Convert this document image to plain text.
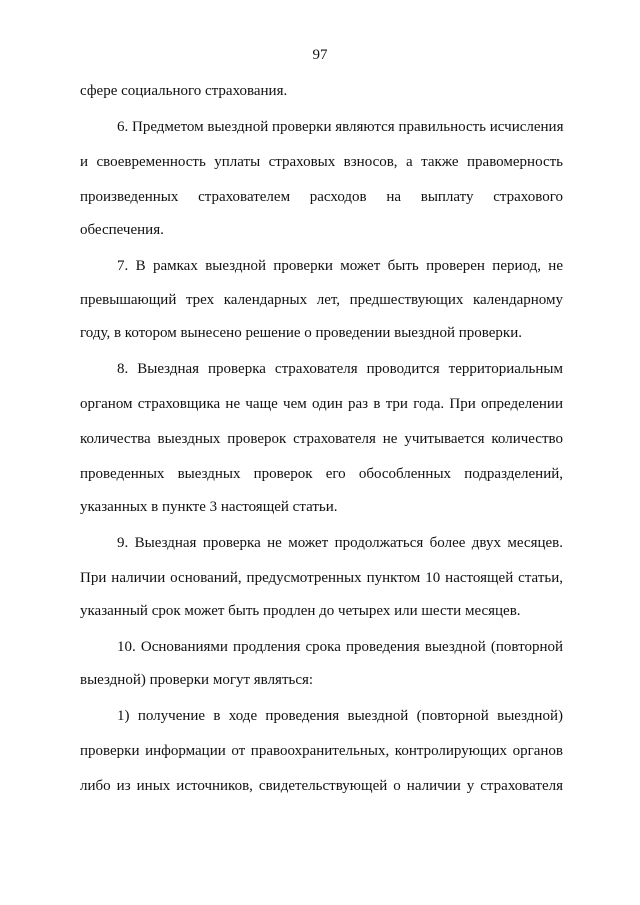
97
сфере социального страхования.
6. Предметом выездной проверки являются правильность исчисления
и своевременность уплаты страховых взносов, а также правомерность
произведенных страхователем расходов на выплату страхового
обеспечения.
7. В рамках выездной проверки может быть проверен период, не
превышающий трех календарных лет, предшествующих календарному
году, в котором вынесено решение о проведении выездной проверки.
8. Выездная проверка страхователя проводится территориальным
органом страховщика не чаще чем один раз в три года. При определении
количества выездных проверок страхователя не учитывается количество
проведенных выездных проверок его обособленных подразделений,
указанных в пункте 3 настоящей статьи.
9. Выездная проверка не может продолжаться более двух месяцев.
При наличии оснований, предусмотренных пунктом 10 настоящей статьи,
указанный срок может быть продлен до четырех или шести месяцев.
10. Основаниями продления срока проведения выездной (повторной
выездной) проверки могут являться:
1) получение в ходе проведения выездной (повторной выездной)
проверки информации от правоохранительных, контролирующих органов
либо из иных источников, свидетельствующей о наличии у страхователя
